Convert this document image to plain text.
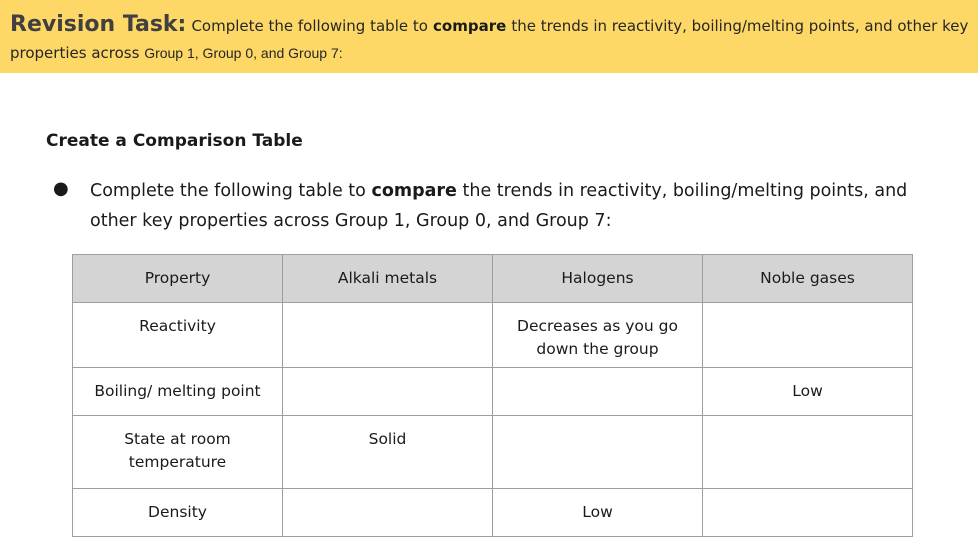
Revision Task: Complete the following table to compare the trends in reactivity, boiling/melting points, and other key
properties across Group 1, Group 0, and Group 7:
Create a Comparison Table
● Complete the following table to compare the trends in reactivity, boiling/melting points, and other key properties across Group 1, Group 0, and Group 7:
Property	Alkali metals	Halogens	Noble gases
Reactivity		Decreases as you go down the group	
Boiling/ melting point			Low
State at room temperature	Solid		
Density		Low	
